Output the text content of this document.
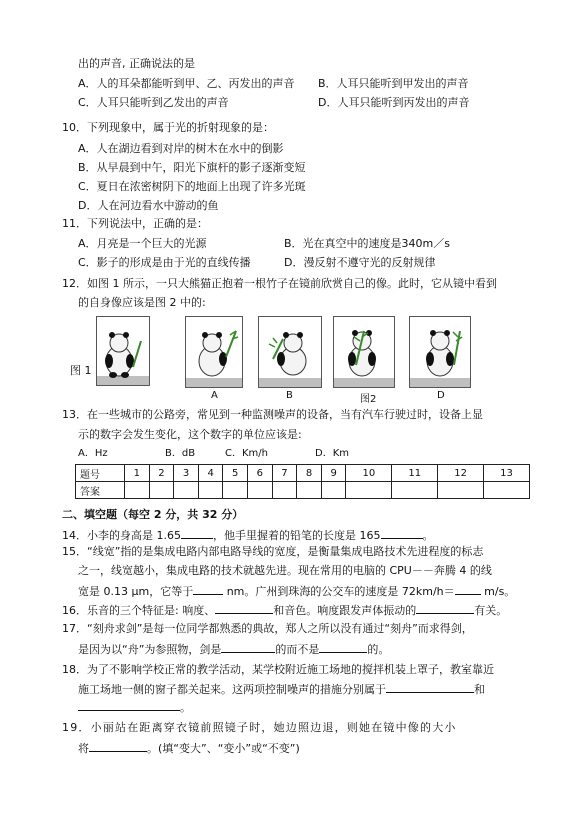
出的声音, 正确说法的是
A．人的耳朵都能听到甲、乙、丙发出的声音 B．人耳只能听到甲发出的声音
C．人耳只能听到乙发出的声音	D．人耳只能听到丙发出的声音
10．下列现象中，属于光的折射现象的是：
A．人在湖边看到对岸的树木在水中的倒影
B．从早晨到中午，阳光下旗杆的影子逐渐变短
C．夏日在浓密树阴下的地面上出现了许多光斑
D．人在河边看水中游动的鱼
11．下列说法中，正确的是：
A．月亮是一个巨大的光源	B．光在真空中的速度是340m／s
C．影子的形成是由于光的直线传播	D．漫反射不遵守光的反射规律
12．如图 1 所示，一只大熊猫正抱着一根竹子在镜前欣赏自己的像。此时，它从镜中看到
的自身像应该是图 2 中的:
图 1
A	B	图2	D
13．在一些城市的公路旁，常见到一种监测噪声的设备，当有汽车行驶过时，设备上显
示的数字会发生变化，这个数字的单位应该是:
A．Hz	B．dB	C．Km/h	D．Km
题号	1	2	3	4	5	6	7	8	9	10	11	12	13
答案													
二、填空题（每空 2 分，共 32 分）
14．小李的身高是 1.65	，他手里握着的铅笔的长度是 165	。
15．“线宽”指的是集成电路内部电路导线的宽度，是衡量集成电路技术先进程度的标志
之一，线宽越小，集成电路的技术就越先进。现在常用的电脑的 CPU－－奔腾 4 的线
宽是 0.13 μm，它等于	nm。广州到珠海的公交车的速度是 72km/h＝ m/s。
16．乐音的三个特征是: 响度、	和音色。响度跟发声体振动的	有关。
17．“刻舟求剑”是每一位同学都熟悉的典故，郑人之所以没有通过“刻舟”而求得剑，
是因为以“舟”为参照物，剑是	的而不是	的。
18．为了不影响学校正常的教学活动，某学校附近施工场地的搅拌机装上罩子，教室靠近
施工场地一侧的窗子都关起来。这两项控制噪声的措施分别属于	和
。
19．小丽站在距离穿衣镜前照镜子时，她边照边退，则她在镜中像的大小
将	。(填“变大”、“变小”或“不变”)
